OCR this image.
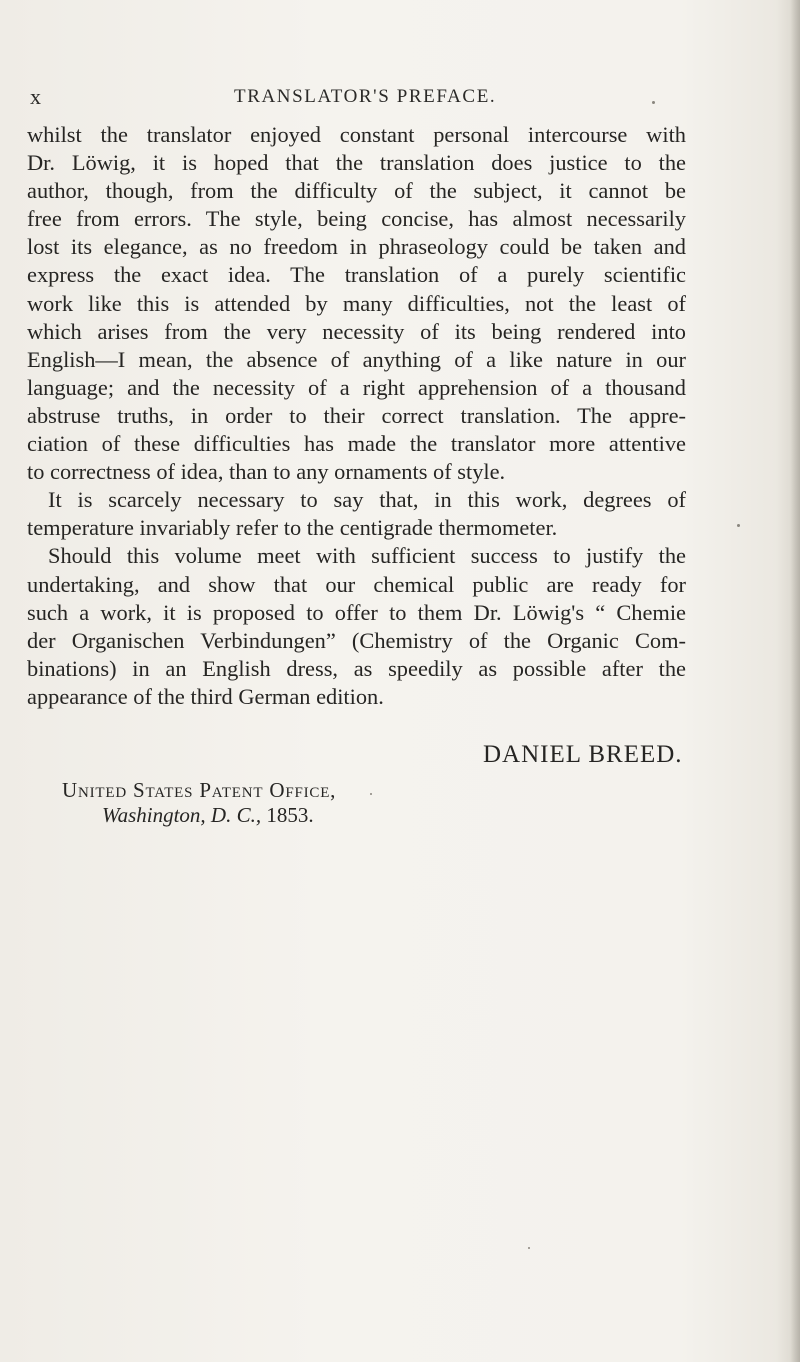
x	TRANSLATOR'S PREFACE.
whilst the translator enjoyed constant personal intercourse with
Dr. Löwig, it is hoped that the translation does justice to the
author, though, from the difficulty of the subject, it cannot be
free from errors. The style, being concise, has almost necessarily
lost its elegance, as no freedom in phraseology could be taken and
express the exact idea. The translation of a purely scientific
work like this is attended by many difficulties, not the least of
which arises from the very necessity of its being rendered into
English—I mean, the absence of anything of a like nature in our
language; and the necessity of a right apprehension of a thousand
abstruse truths, in order to their correct translation. The appre-
ciation of these difficulties has made the translator more attentive
to correctness of idea, than to any ornaments of style.
It is scarcely necessary to say that, in this work, degrees of
temperature invariably refer to the centigrade thermometer.
Should this volume meet with sufficient success to justify the
undertaking, and show that our chemical public are ready for
such a work, it is proposed to offer to them Dr. Löwig's “ Chemie
der Organischen Verbindungen” (Chemistry of the Organic Com-
binations) in an English dress, as speedily as possible after the
appearance of the third German edition.
DANIEL BREED.
United States Patent Office,
Washington, D. C., 1853.
